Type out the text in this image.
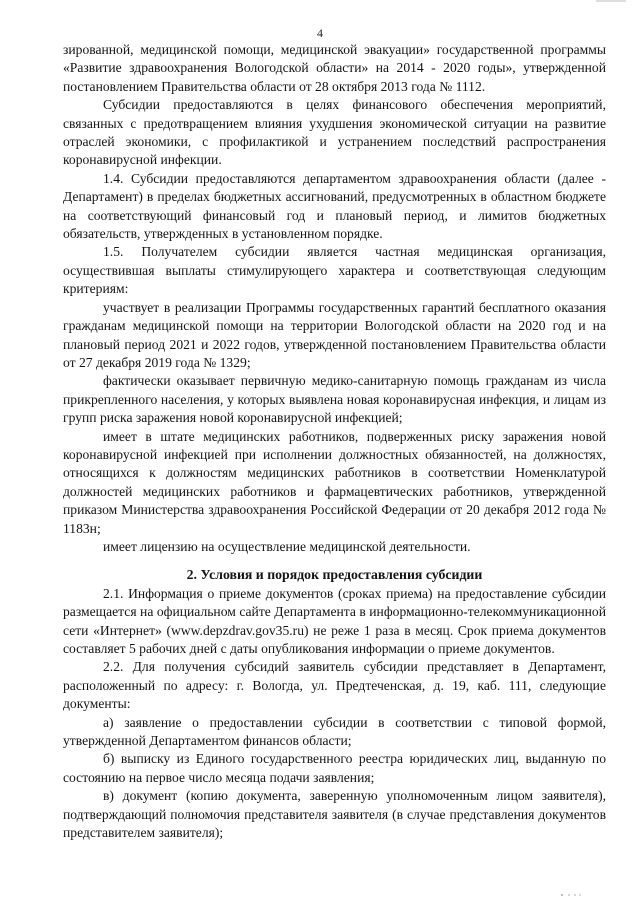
4

зированной, медицинской помощи, медицинской эвакуации» государственной программы «Развитие здравоохранения Вологодской области» на 2014 - 2020 годы», утвержденной постановлением Правительства области от 28 октября 2013 года № 1112.

Субсидии предоставляются в целях финансового обеспечения мероприятий, связанных с предотвращением влияния ухудшения экономической ситуации на развитие отраслей экономики, с профилактикой и устранением последствий распространения коронавирусной инфекции.

1.4. Субсидии предоставляются департаментом здравоохранения области (далее - Департамент) в пределах бюджетных ассигнований, предусмотренных в областном бюджете на соответствующий финансовый год и плановый период, и лимитов бюджетных обязательств, утвержденных в установленном порядке.

1.5. Получателем субсидии является частная медицинская организация, осуществившая выплаты стимулирующего характера и соответствующая следующим критериям:

участвует в реализации Программы государственных гарантий бесплатного оказания гражданам медицинской помощи на территории Вологодской области на 2020 год и на плановый период 2021 и 2022 годов, утвержденной постановлением Правительства области от 27 декабря 2019 года № 1329;

фактически оказывает первичную медико-санитарную помощь гражданам из числа прикрепленного населения, у которых выявлена новая коронавирусная инфекция, и лицам из групп риска заражения новой коронавирусной инфекцией;

имеет в штате медицинских работников, подверженных риску заражения новой коронавирусной инфекцией при исполнении должностных обязанностей, на должностях, относящихся к должностям медицинских работников в соответствии Номенклатурой должностей медицинских работников и фармацевтических работников, утвержденной приказом Министерства здравоохранения Российской Федерации от 20 декабря 2012 года № 1183н;

имеет лицензию на осуществление медицинской деятельности.

2. Условия и порядок предоставления субсидии

2.1. Информация о приеме документов (сроках приема) на предоставление субсидии размещается на официальном сайте Департамента в информационно-телекоммуникационной сети «Интернет» (www.depzdrav.gov35.ru) не реже 1 раза в месяц. Срок приема документов составляет 5 рабочих дней с даты опубликования информации о приеме документов.

2.2. Для получения субсидий заявитель субсидии представляет в Департамент, расположенный по адресу: г. Вологда, ул. Предтеченская, д. 19, каб. 111, следующие документы:

а) заявление о предоставлении субсидии в соответствии с типовой формой, утвержденной Департаментом финансов области;

б) выписку из Единого государственного реестра юридических лиц, выданную по состоянию на первое число месяца подачи заявления;

в) документ (копию документа, заверенную уполномоченным лицом заявителя), подтверждающий полномочия представителя заявителя (в случае представления документов представителем заявителя);
